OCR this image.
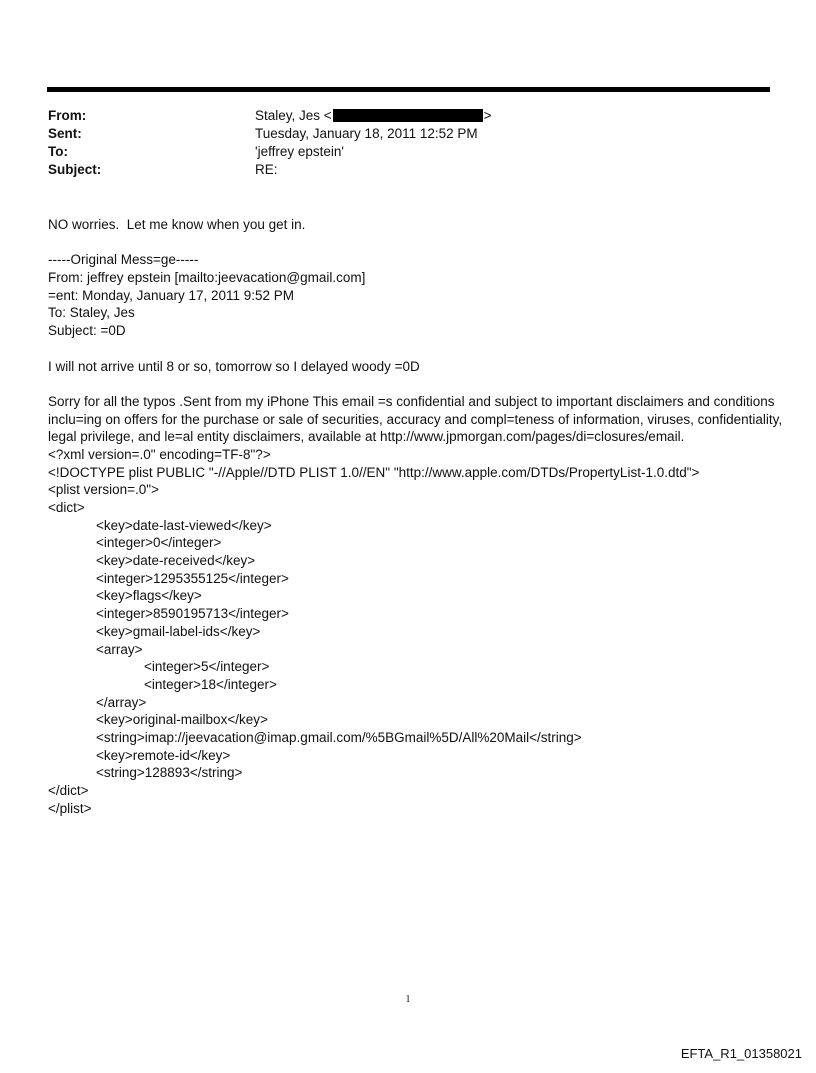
From:	Staley, Jes <	>
Sent:	Tuesday, January 18, 2011 12:52 PM
To:	'jeffrey epstein'
Subject:	RE:
NO worries.  Let me know when you get in.
-----Original Mess=ge-----
From: jeffrey epstein [mailto:jeevacation@gmail.com]
=ent: Monday, January 17, 2011 9:52 PM
To: Staley, Jes
Subject: =0D
I will not arrive until 8 or so, tomorrow so I delayed woody =0D
Sorry for all the typos .Sent from my iPhone This email =s confidential and subject to important disclaimers and conditions inclu=ing on offers for the purchase or sale of securities, accuracy and compl=teness of information, viruses, confidentiality, legal privilege, and le=al entity disclaimers, available at http://www.jpmorgan.com/pages/di=closures/email.
<?xml version=.0" encoding=TF-8"?>
<!DOCTYPE plist PUBLIC "-//Apple//DTD PLIST 1.0//EN" "http://www.apple.com/DTDs/PropertyList-1.0.dtd">
<plist version=.0">
<dict>
<key>date-last-viewed</key>
<integer>0</integer>
<key>date-received</key>
<integer>1295355125</integer>
<key>flags</key>
<integer>8590195713</integer>
<key>gmail-label-ids</key>
<array>
<integer>5</integer>
<integer>18</integer>
</array>
<key>original-mailbox</key>
<string>imap://jeevacation@imap.gmail.com/%5BGmail%5D/All%20Mail</string>
<key>remote-id</key>
<string>128893</string>
</dict>
</plist>
1
EFTA_R1_01358021
